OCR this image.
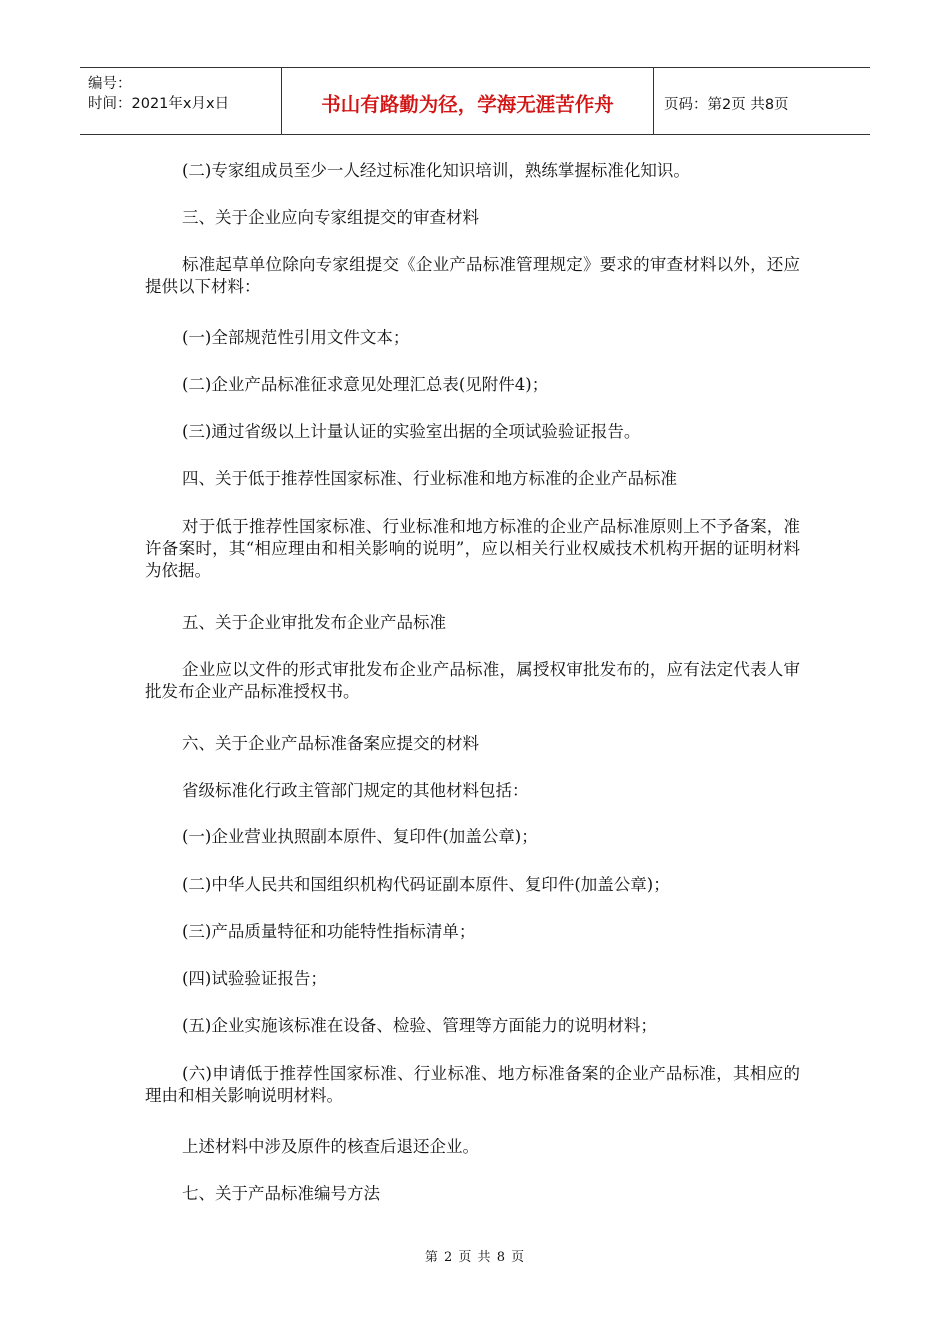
编号：
时间：2021年x月x日	书山有路勤为径，学海无涯苦作舟	页码：第2页 共8页

(二)专家组成员至少一人经过标准化知识培训，熟练掌握标准化知识。

三、关于企业应向专家组提交的审查材料

标准起草单位除向专家组提交《企业产品标准管理规定》要求的审查材料以外，还应提供以下材料：

(一)全部规范性引用文件文本；

(二)企业产品标准征求意见处理汇总表(见附件4)；

(三)通过省级以上计量认证的实验室出据的全项试验验证报告。

四、关于低于推荐性国家标准、行业标准和地方标准的企业产品标准

对于低于推荐性国家标准、行业标准和地方标准的企业产品标准原则上不予备案，准许备案时，其“相应理由和相关影响的说明”，应以相关行业权威技术机构开据的证明材料为依据。

五、关于企业审批发布企业产品标准

企业应以文件的形式审批发布企业产品标准，属授权审批发布的，应有法定代表人审批发布企业产品标准授权书。

六、关于企业产品标准备案应提交的材料

省级标准化行政主管部门规定的其他材料包括：

(一)企业营业执照副本原件、复印件(加盖公章)；

(二)中华人民共和国组织机构代码证副本原件、复印件(加盖公章)；

(三)产品质量特征和功能特性指标清单；

(四)试验验证报告；

(五)企业实施该标准在设备、检验、管理等方面能力的说明材料；

(六)申请低于推荐性国家标准、行业标准、地方标准备案的企业产品标准，其相应的理由和相关影响说明材料。

上述材料中涉及原件的核查后退还企业。

七、关于产品标准编号方法

第 2 页 共 8 页
